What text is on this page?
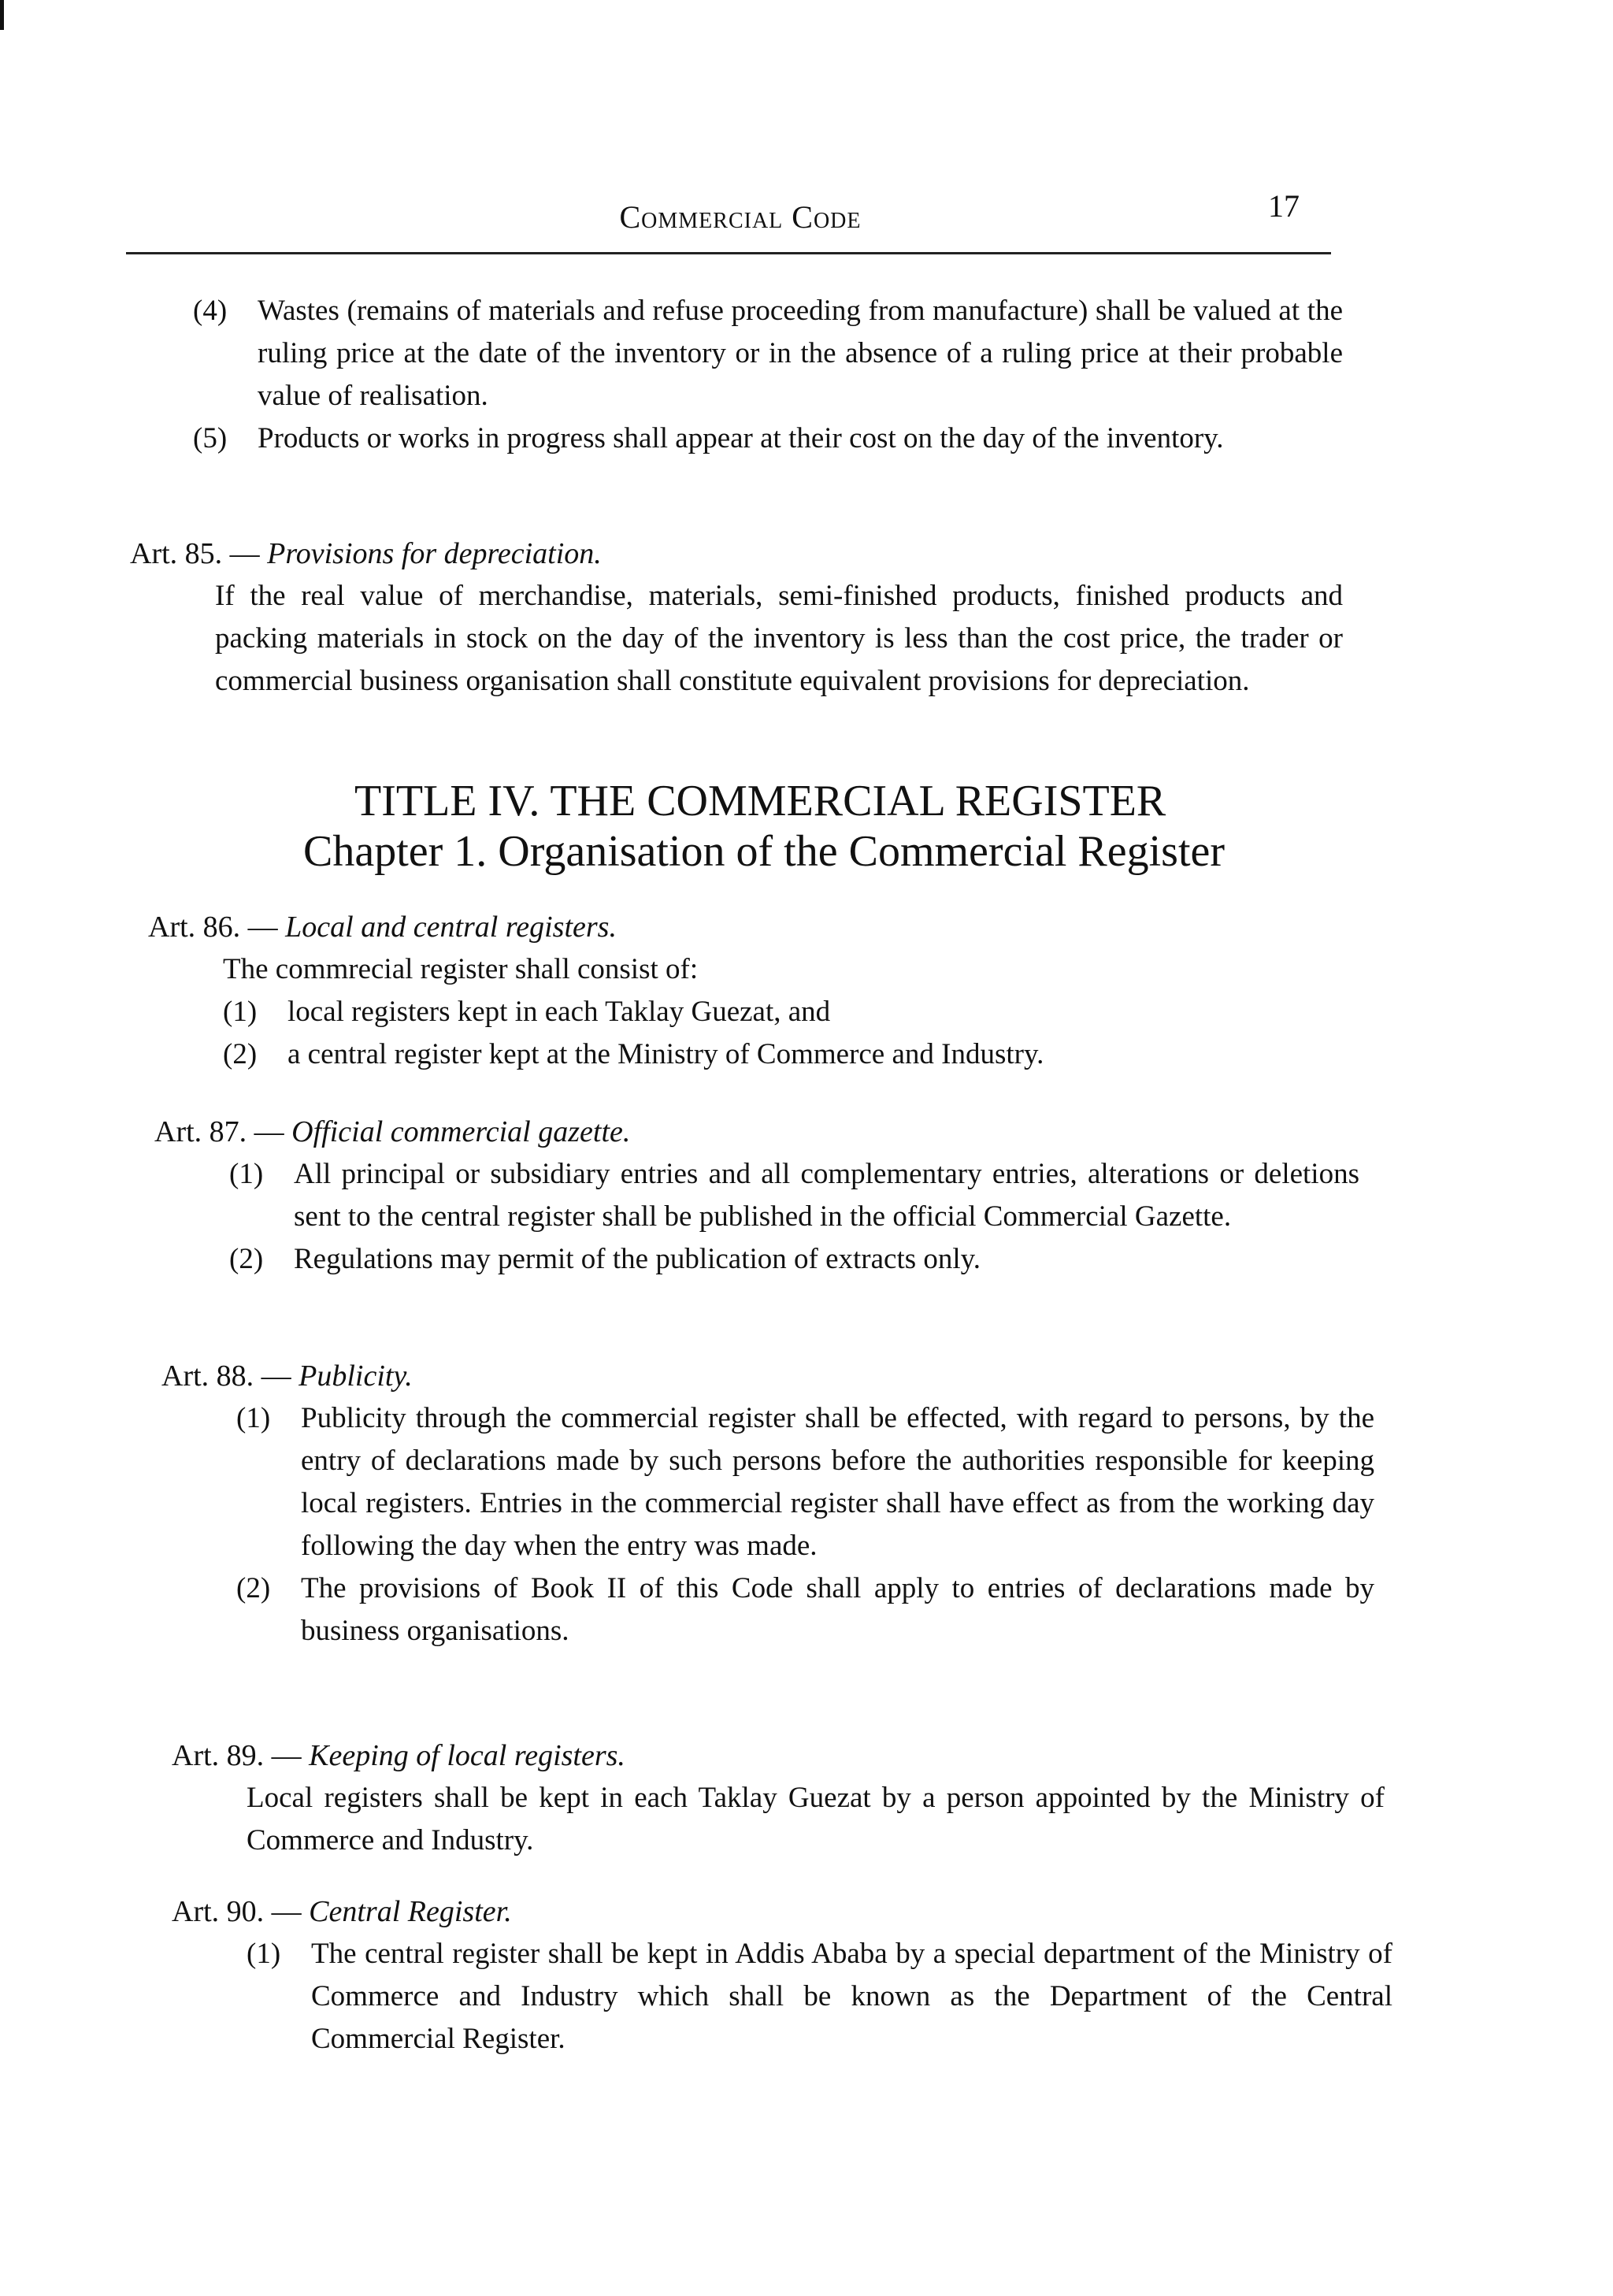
Commercial Code	17
(4) Wastes (remains of materials and refuse proceeding from manufacture) shall be valued at the ruling price at the date of the inventory or in the absence of a ruling price at their probable value of realisation.
(5) Products or works in progress shall appear at their cost on the day of the inventory.
Art. 85. — Provisions for depreciation.
If the real value of merchandise, materials, semi-finished products, finished products and packing materials in stock on the day of the inventory is less than the cost price, the trader or commercial business organisation shall constitute equivalent provisions for depreciation.
TITLE IV. THE COMMERCIAL REGISTER
Chapter 1. Organisation of the Commercial Register
Art. 86. — Local and central registers.
The commrecial register shall consist of:
(1) local registers kept in each Taklay Guezat, and
(2) a central register kept at the Ministry of Commerce and Industry.
Art. 87. — Official commercial gazette.
(1) All principal or subsidiary entries and all complementary entries, alterations or deletions sent to the central register shall be published in the official Commercial Gazette.
(2) Regulations may permit of the publication of extracts only.
Art. 88. — Publicity.
(1) Publicity through the commercial register shall be effected, with regard to persons, by the entry of declarations made by such persons before the authorities responsible for keeping local registers. Entries in the commercial register shall have effect as from the working day following the day when the entry was made.
(2) The provisions of Book II of this Code shall apply to entries of declarations made by business organisations.
Art. 89. — Keeping of local registers.
Local registers shall be kept in each Taklay Guezat by a person appointed by the Ministry of Commerce and Industry.
Art. 90. — Central Register.
(1) The central register shall be kept in Addis Ababa by a special department of the Ministry of Commerce and Industry which shall be known as the Department of the Central Commercial Register.
